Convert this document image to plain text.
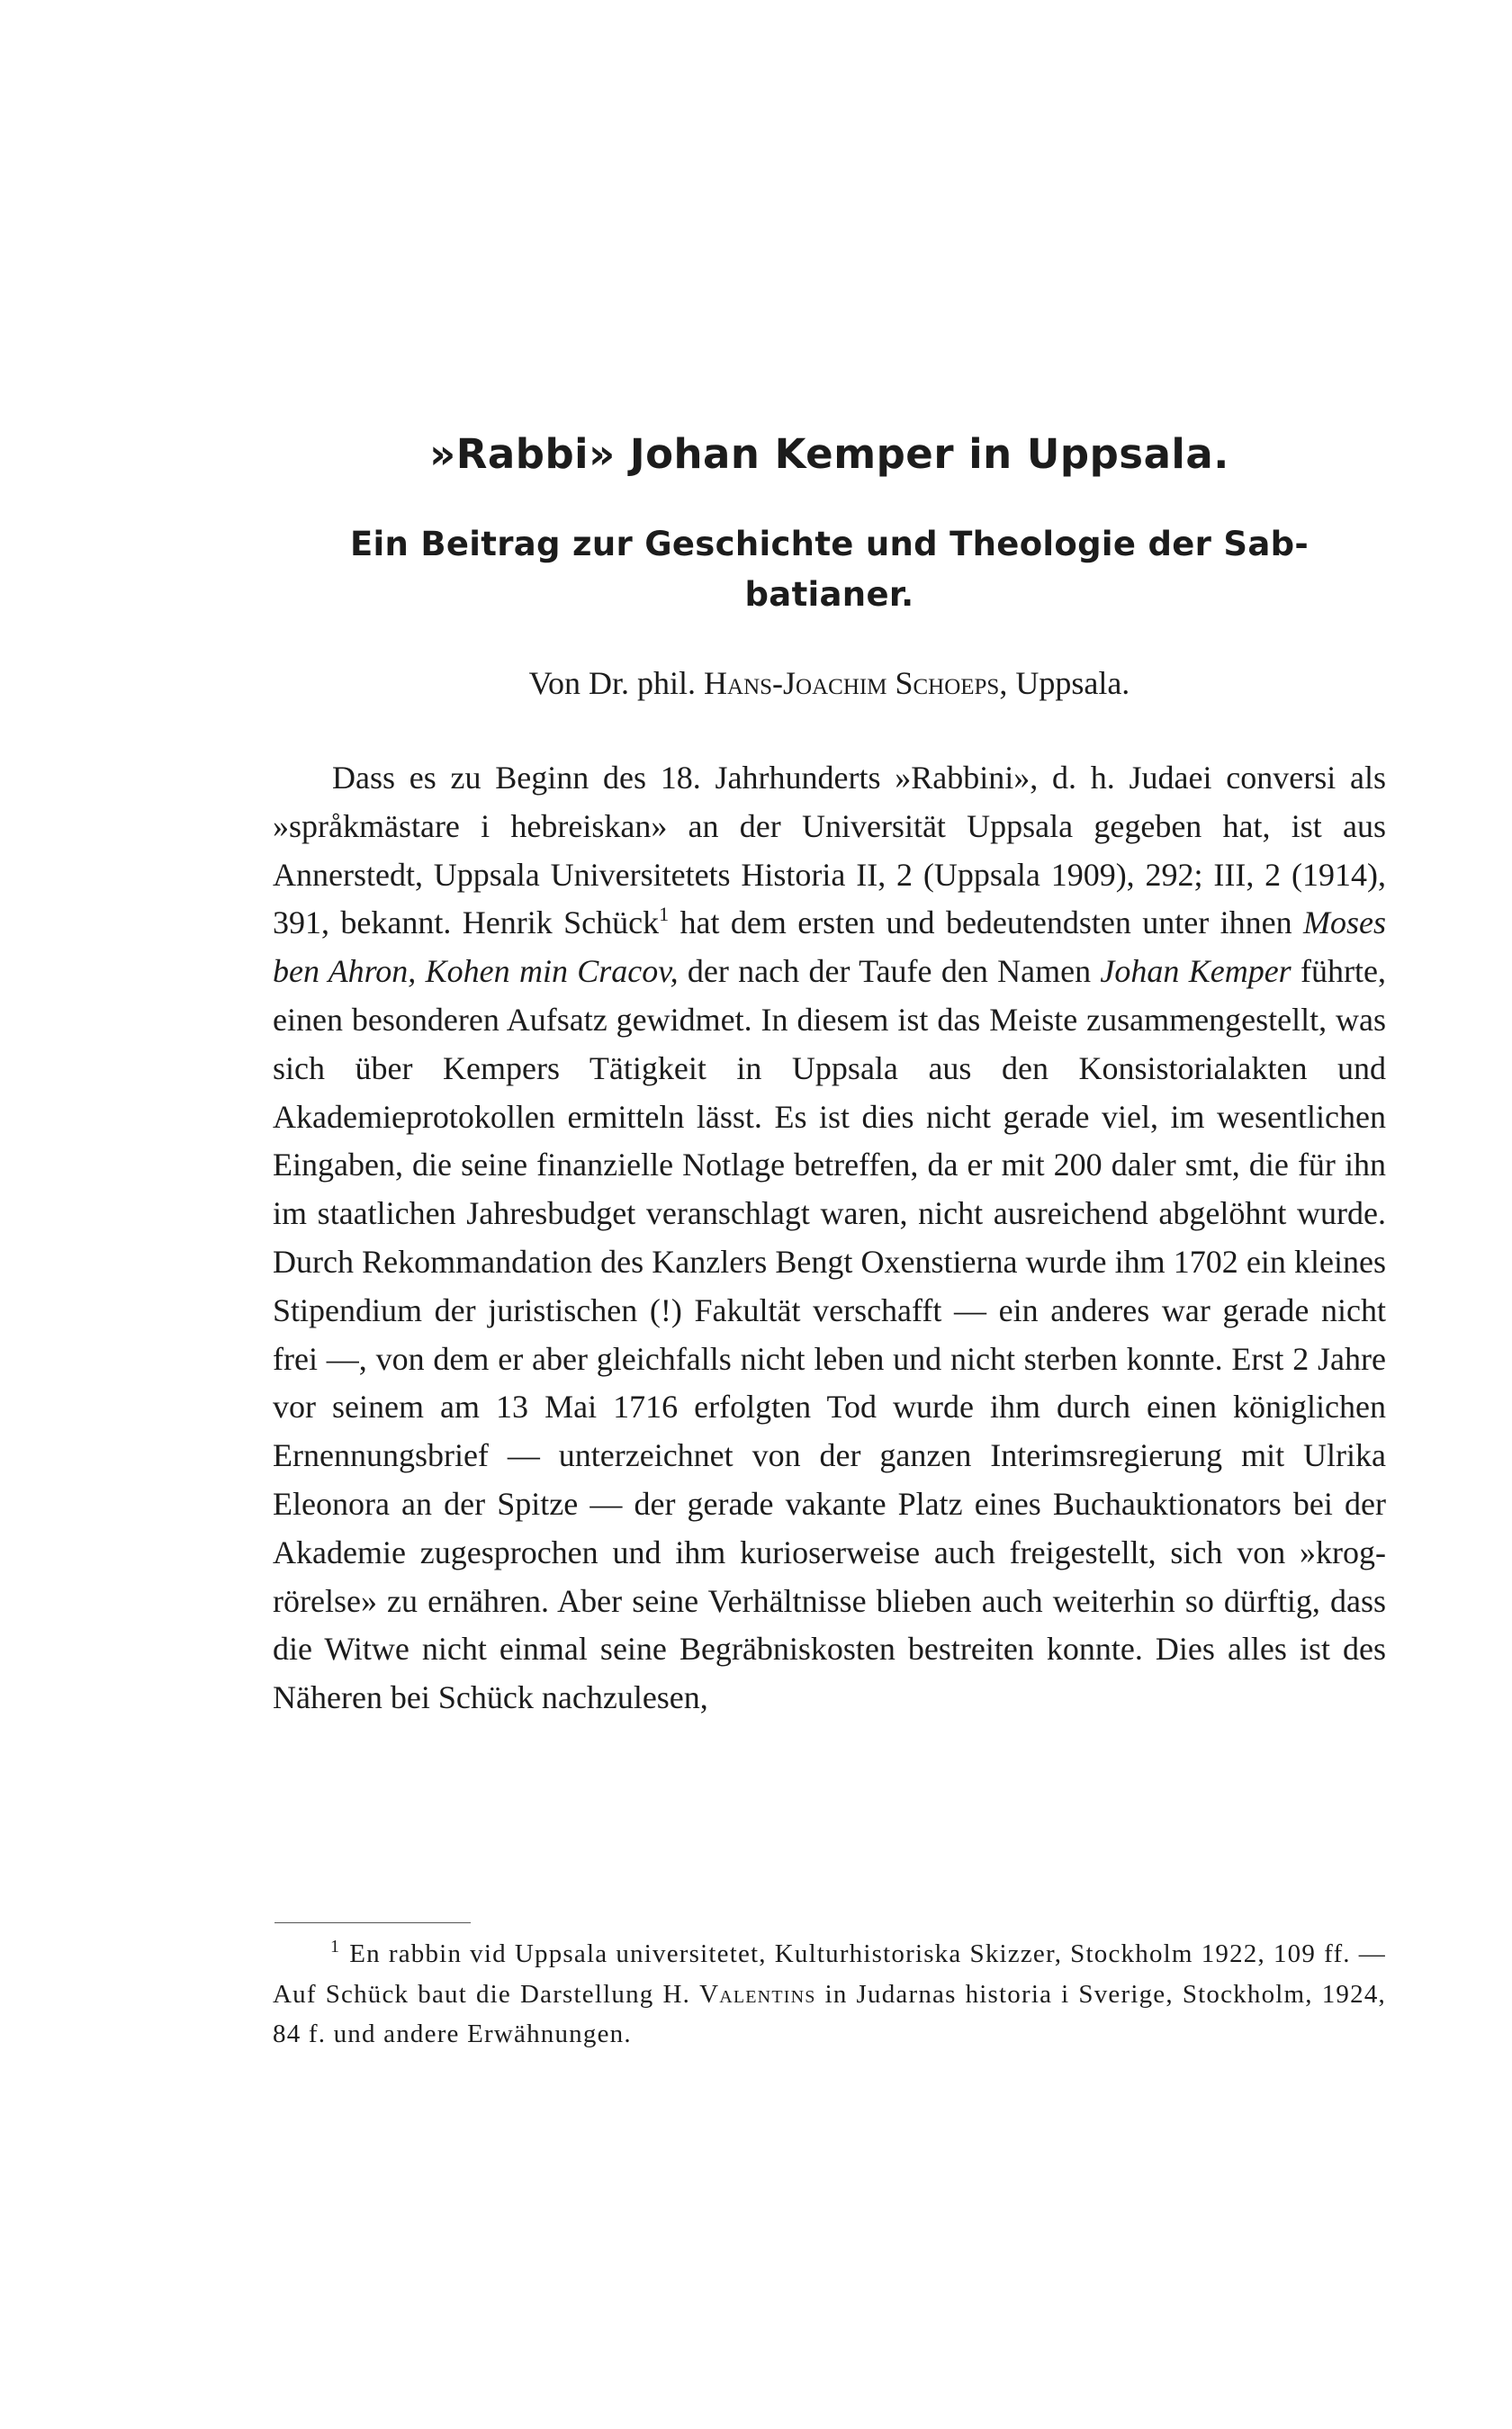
»Rabbi» Johan Kemper in Uppsala.
Ein Beitrag zur Geschichte und Theologie der Sab-
batianer.

Von Dr. phil. Hans-Joachim Schoeps, Uppsala.

Dass es zu Beginn des 18. Jahrhunderts »Rabbini», d. h. Judaei conversi als »språkmästare i hebreiskan» an der Universität Uppsala gegeben hat, ist aus Annerstedt, Uppsala Universitetets Historia II, 2 (Uppsala 1909), 292; III, 2 (1914), 391, bekannt. Henrik Schück$^1$ hat dem ersten und bedeutendsten unter ihnen Moses ben Ahron, Kohen min Cracov, der nach der Taufe den Namen Johan Kemper führte, einen besonderen Aufsatz gewidmet. In diesem ist das Meiste zusammengestellt, was sich über Kempers Tätigkeit in Uppsala aus den Konsistorialakten und Akademieprotokollen ermitteln lässt. Es ist dies nicht gerade viel, im wesentlichen Eingaben, die seine finanzielle Notlage betreffen, da er mit 200 daler smt, die für ihn im staatlichen Jahresbudget veranschlagt waren, nicht ausreichend abgelöhnt wurde. Durch Rekommandation des Kanzlers Bengt Oxenstierna wurde ihm 1702 ein kleines Stipendium der juristischen (!) Fakultät verschafft — ein anderes war gerade nicht frei —, von dem er aber gleichfalls nicht leben und nicht sterben konnte. Erst 2 Jahre vor seinem am 13 Mai 1716 erfolgten Tod wurde ihm durch einen königlichen Ernennungsbrief — unterzeichnet von der ganzen Interimsregierung mit Ulrika Eleonora an der Spitze — der gerade vakante Platz eines Buchauktionators bei der Akademie zugesprochen und ihm kurioserweise auch freigestellt, sich von »krogrörelse» zu ernähren. Aber seine Verhältnisse blieben auch weiterhin so dürftig, dass die Witwe nicht einmal seine Begräbniskosten bestreiten konnte. Dies alles ist des Näheren bei Schück nachzulesen,

$^1$ En rabbin vid Uppsala universitetet, Kulturhistoriska Skizzer, Stockholm 1922, 109 ff. — Auf Schück baut die Darstellung H. Valentins in Judarnas historia i Sverige, Stockholm, 1924, 84 f. und andere Erwähnungen.
